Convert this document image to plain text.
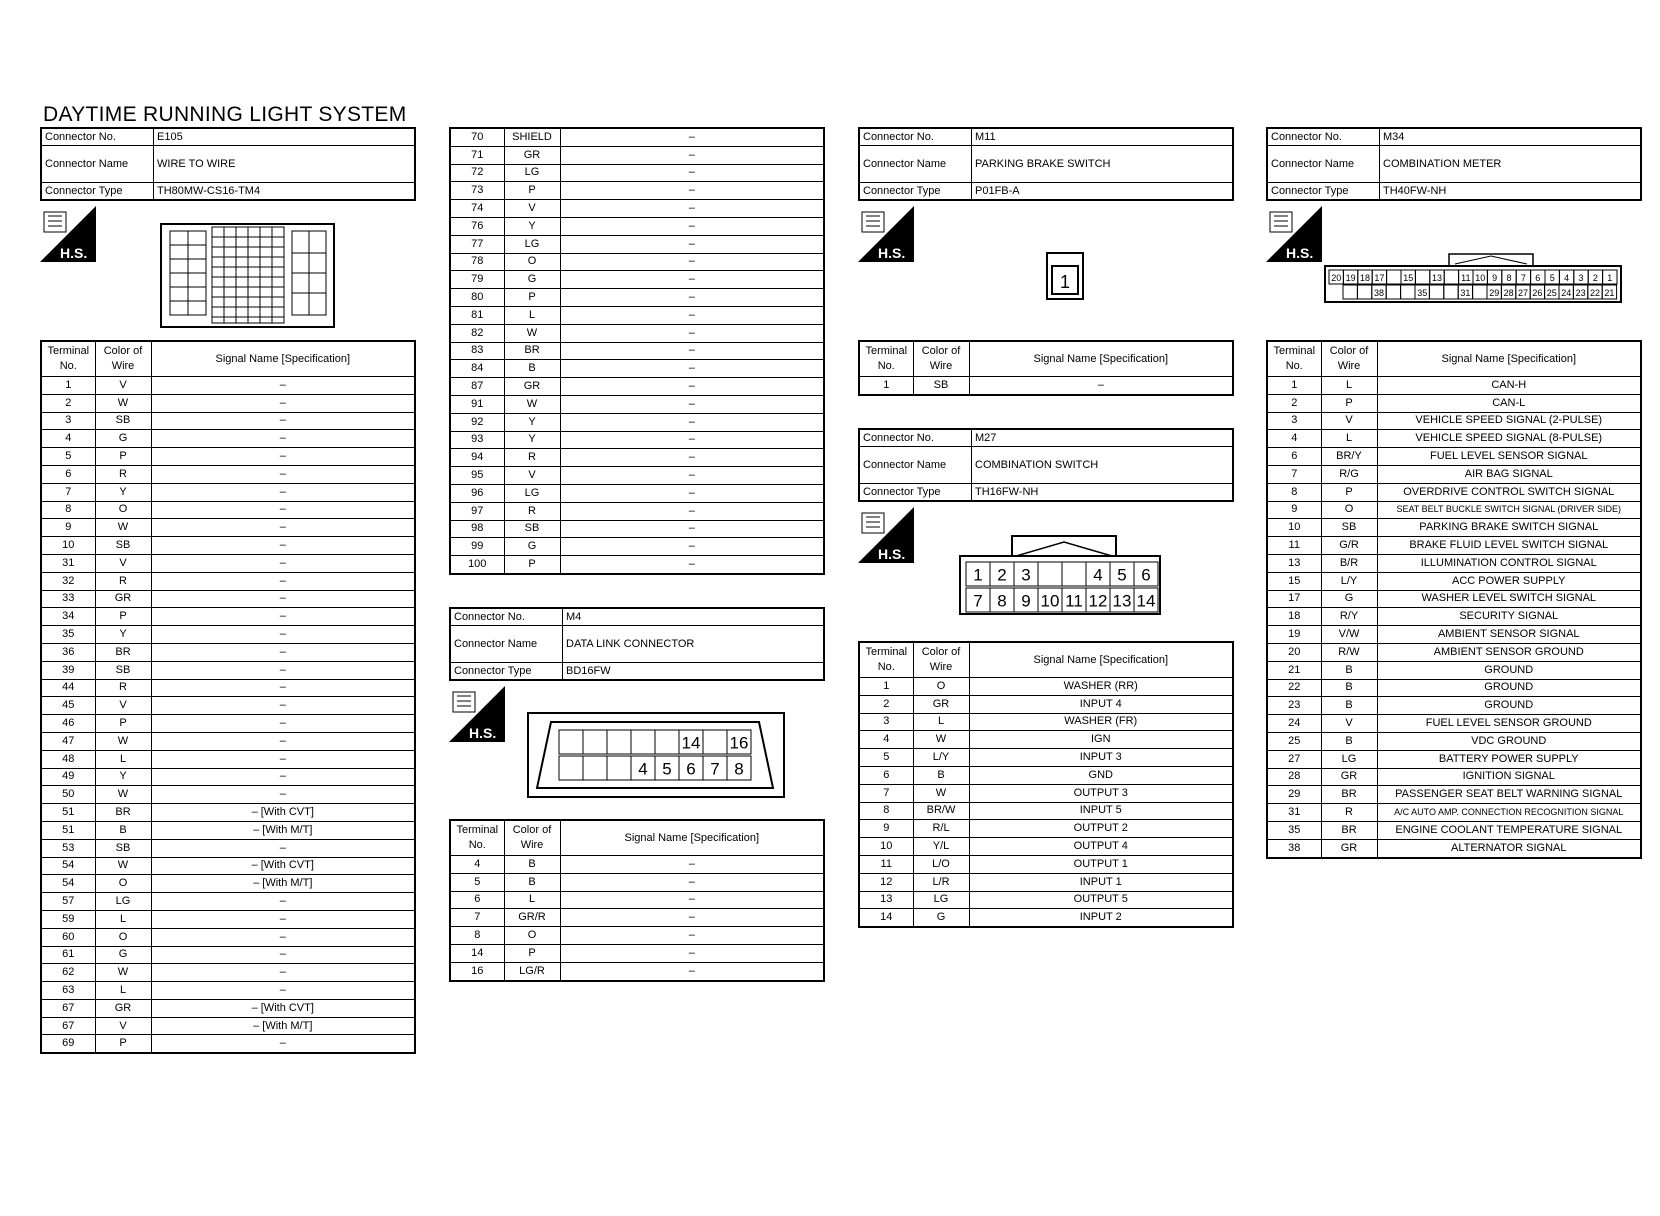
DAYTIME RUNNING LIGHT SYSTEM
Connector No.	E105
Connector Name	WIRE TO WIRE
Connector Type	TH80MW-CS16-TM4
H.S.
Terminal No.	Color of Wire	Signal Name [Specification]
1	V	–
2	W	–
3	SB	–
4	G	–
5	P	–
6	R	–
7	Y	–
8	O	–
9	W	–
10	SB	–
31	V	–
32	R	–
33	GR	–
34	P	–
35	Y	–
36	BR	–
39	SB	–
44	R	–
45	V	–
46	P	–
47	W	–
48	L	–
49	Y	–
50	W	–
51	BR	– [With CVT]
51	B	– [With M/T]
53	SB	–
54	W	– [With CVT]
54	O	– [With M/T]
57	LG	–
59	L	–
60	O	–
61	G	–
62	W	–
63	L	–
67	GR	– [With CVT]
67	V	– [With M/T]
69	P	–
70	SHIELD	–
71	GR	–
72	LG	–
73	P	–
74	V	–
76	Y	–
77	LG	–
78	O	–
79	G	–
80	P	–
81	L	–
82	W	–
83	BR	–
84	B	–
87	GR	–
91	W	–
92	Y	–
93	Y	–
94	R	–
95	V	–
96	LG	–
97	R	–
98	SB	–
99	G	–
100	P	–
Connector No.	M4
Connector Name	DATA LINK CONNECTOR
Connector Type	BD16FW
H.S.
14 16
4 5 6 7 8
Terminal No.	Color of Wire	Signal Name [Specification]
4	B	–
5	B	–
6	L	–
7	GR/R	–
8	O	–
14	P	–
16	LG/R	–
Connector No.	M11
Connector Name	PARKING BRAKE SWITCH
Connector Type	P01FB-A
H.S.
1
Terminal No.	Color of Wire	Signal Name [Specification]
1	SB	–
Connector No.	M27
Connector Name	COMBINATION SWITCH
Connector Type	TH16FW-NH
H.S.
1 2 3	4 5 6
7 8 9 10 11 12 13 14
Terminal No.	Color of Wire	Signal Name [Specification]
1	O	WASHER (RR)
2	GR	INPUT 4
3	L	WASHER (FR)
4	W	IGN
5	L/Y	INPUT 3
6	B	GND
7	W	OUTPUT 3
8	BR/W	INPUT 5
9	R/L	OUTPUT 2
10	Y/L	OUTPUT 4
11	L/O	OUTPUT 1
12	L/R	INPUT 1
13	LG	OUTPUT 5
14	G	INPUT 2
Connector No.	M34
Connector Name	COMBINATION METER
Connector Type	TH40FW-NH
H.S.
20 19 18 17 15 13 11 10 9 8 7 6 5 4 3 2 1
38	35	31 29 28 27 26 25 24 23 22 21
Terminal No.	Color of Wire	Signal Name [Specification]
1	L	CAN-H
2	P	CAN-L
3	V	VEHICLE SPEED SIGNAL (2-PULSE)
4	L	VEHICLE SPEED SIGNAL (8-PULSE)
6	BR/Y	FUEL LEVEL SENSOR SIGNAL
7	R/G	AIR BAG SIGNAL
8	P	OVERDRIVE CONTROL SWITCH SIGNAL
9	O	SEAT BELT BUCKLE SWITCH SIGNAL (DRIVER SIDE)
10	SB	PARKING BRAKE SWITCH SIGNAL
11	G/R	BRAKE FLUID LEVEL SWITCH SIGNAL
13	B/R	ILLUMINATION CONTROL SIGNAL
15	L/Y	ACC POWER SUPPLY
17	G	WASHER LEVEL SWITCH SIGNAL
18	R/Y	SECURITY SIGNAL
19	V/W	AMBIENT SENSOR SIGNAL
20	R/W	AMBIENT SENSOR GROUND
21	B	GROUND
22	B	GROUND
23	B	GROUND
24	V	FUEL LEVEL SENSOR GROUND
25	B	VDC GROUND
27	LG	BATTERY POWER SUPPLY
28	GR	IGNITION SIGNAL
29	BR	PASSENGER SEAT BELT WARNING SIGNAL
31	R	A/C AUTO AMP. CONNECTION RECOGNITION SIGNAL
35	BR	ENGINE COOLANT TEMPERATURE SIGNAL
38	GR	ALTERNATOR SIGNAL
